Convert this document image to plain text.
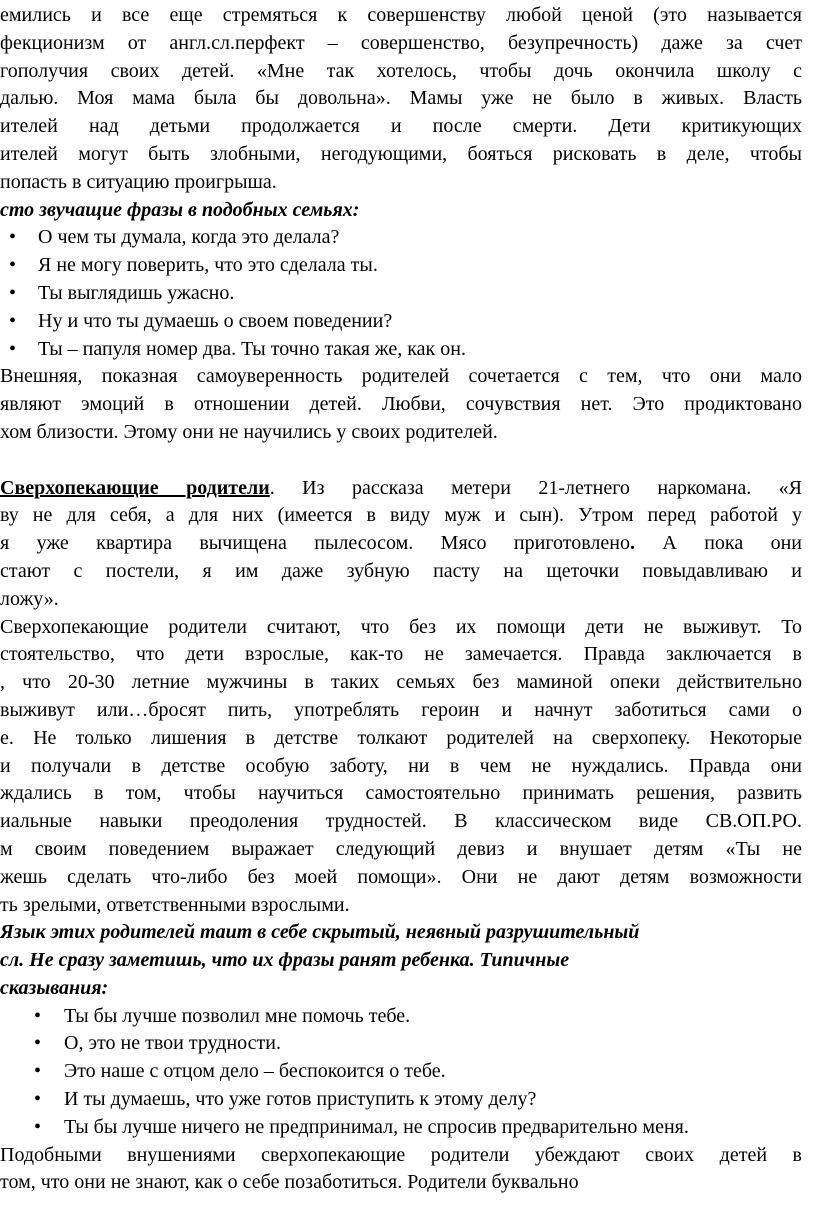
емились и все еще стремяться к совершенству любой ценой (это называется
фекционизм от англ.сл.перфект – совершенство, безупречность) даже за счет
гополучия своих детей. «Мне так хотелось, чтобы дочь окончила школу с
далью. Моя мама была бы довольна». Мамы уже не было в живых. Власть
ителей над детьми продолжается и после смерти. Дети критикующих
ителей могут быть злобными, негодующими, бояться рисковать в деле, чтобы
попасть в ситуацию проигрыша.
сто звучащие фразы в подобных семьях:
• О чем ты думала, когда это делала?
• Я не могу поверить, что это сделала ты.
• Ты выглядишь ужасно.
• Ну и что ты думаешь о своем поведении?
• Ты – папуля номер два. Ты точно такая же, как он.
Внешняя, показная самоуверенность родителей сочетается с тем, что они мало
являют эмоций в отношении детей. Любви, сочувствия нет. Это продиктовано
хом близости. Этому они не научились у своих родителей.
Сверхопекающие родители. Из рассказа метери 21-летнего наркомана. «Я
ву не для себя, а для них (имеется в виду муж и сын). Утром перед работой у
я уже квартира вычищена пылесосом. Мясо приготовлено. А пока они
стают с постели, я им даже зубную пасту на щеточки повыдавливаю и
ложу».
Сверхопекающие родители считают, что без их помощи дети не выживут. То
стоятельство, что дети взрослые, как-то не замечается. Правда заключается в
, что 20-30 летние мужчины в таких семьях без маминой опеки действительно
выживут или…бросят пить, употреблять героин и начнут заботиться сами о
е. Не только лишения в детстве толкают родителей на сверхопеку. Некоторые
и получали в детстве особую заботу, ни в чем не нуждались. Правда они
ждались в том, чтобы научиться самостоятельно принимать решения, развить
иальные навыки преодоления трудностей. В классическом виде СВ.ОП.РО.
м своим поведением выражает следующий девиз и внушает детям «Ты не
жешь сделать что-либо без моей помощи». Они не дают детям возможности
ть зрелыми, ответственными взрослыми.
Язык этих родителей таит в себе скрытый, неявный разрушительный
сл. Не сразу заметишь, что их фразы ранят ребенка. Типичные
сказывания:
• Ты бы лучше позволил мне помочь тебе.
• О, это не твои трудности.
• Это наше с отцом дело – беспокоится о тебе.
• И ты думаешь, что уже готов приступить к этому делу?
• Ты бы лучше ничего не предпринимал, не спросив предварительно меня.
Подобными внушениями сверхопекающие родители убеждают своих детей в
том, что они не знают, как о себе позаботиться. Родители буквально
